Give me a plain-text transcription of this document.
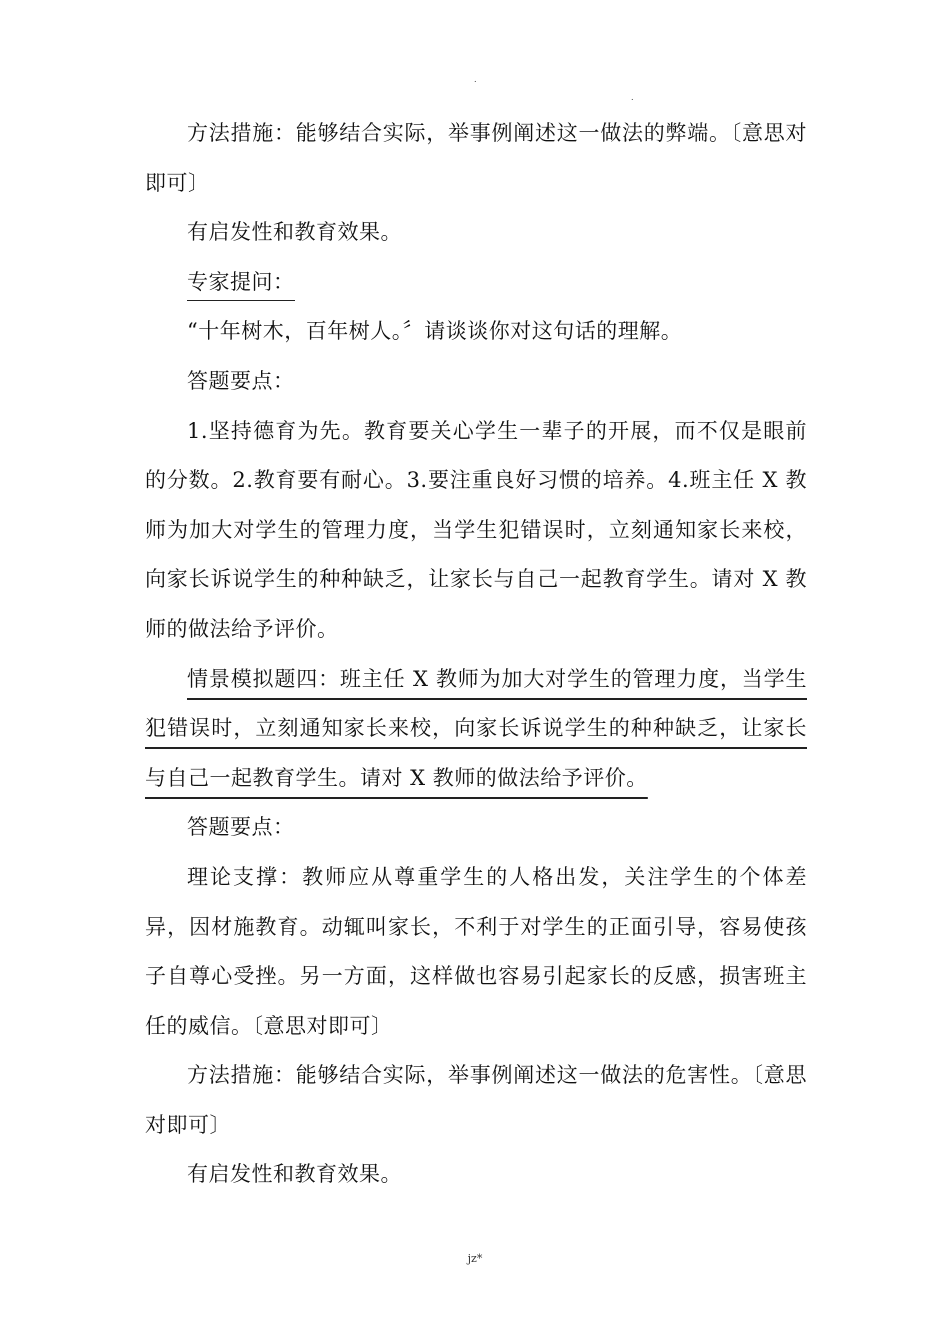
.
.

方法措施：能够结合实际，举事例阐述这一做法的弊端。〔意思对即可〕

有启发性和教育效果。

专家提问：

“十年树木，百年树人。〞请谈谈你对这句话的理解。

答题要点：

1.坚持德育为先。教育要关心学生一辈子的开展，而不仅是眼前的分数。2.教育要有耐心。3.要注重良好习惯的培养。4.班主任 X 教师为加大对学生的管理力度，当学生犯错误时，立刻通知家长来校，向家长诉说学生的种种缺乏，让家长与自己一起教育学生。请对 X 教师的做法给予评价。

情景模拟题四：班主任 X 教师为加大对学生的管理力度，当学生犯错误时，立刻通知家长来校，向家长诉说学生的种种缺乏，让家长与自己一起教育学生。请对 X 教师的做法给予评价。

答题要点：

理论支撑：教师应从尊重学生的人格出发，关注学生的个体差异，因材施教育。动辄叫家长，不利于对学生的正面引导，容易使孩子自尊心受挫。另一方面，这样做也容易引起家长的反感，损害班主任的威信。〔意思对即可〕

方法措施：能够结合实际，举事例阐述这一做法的危害性。〔意思对即可〕

有启发性和教育效果。

jz*
